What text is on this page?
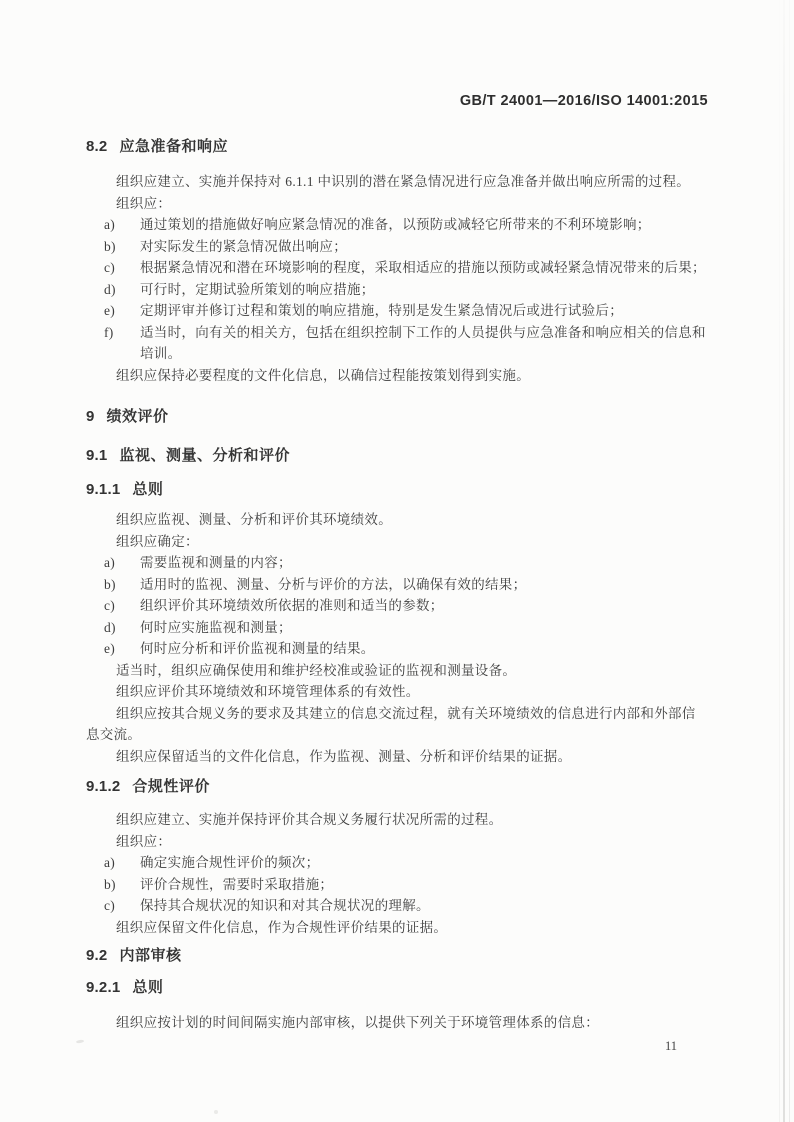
GB/T 24001—2016/ISO 14001:2015
8.2 应急准备和响应

组织应建立、实施并保持对 6.1.1 中识别的潜在紧急情况进行应急准备并做出响应所需的过程。

组织应：

a) 通过策划的措施做好响应紧急情况的准备，以预防或减轻它所带来的不利环境影响；
b) 对实际发生的紧急情况做出响应；
c) 根据紧急情况和潜在环境影响的程度，采取相适应的措施以预防或减轻紧急情况带来的后果；
d) 可行时，定期试验所策划的响应措施；
e) 定期评审并修订过程和策划的响应措施，特别是发生紧急情况后或进行试验后；
f) 适当时，向有关的相关方，包括在组织控制下工作的人员提供与应急准备和响应相关的信息和培训。

组织应保持必要程度的文件化信息，以确信过程能按策划得到实施。

9 绩效评价
9.1 监视、测量、分析和评价
9.1.1 总则

组织应监视、测量、分析和评价其环境绩效。

组织应确定：

a) 需要监视和测量的内容；
b) 适用时的监视、测量、分析与评价的方法，以确保有效的结果；
c) 组织评价其环境绩效所依据的准则和适当的参数；
d) 何时应实施监视和测量；
e) 何时应分析和评价监视和测量的结果。

适当时，组织应确保使用和维护经校准或验证的监视和测量设备。

组织应评价其环境绩效和环境管理体系的有效性。

组织应按其合规义务的要求及其建立的信息交流过程，就有关环境绩效的信息进行内部和外部信息交流。

组织应保留适当的文件化信息，作为监视、测量、分析和评价结果的证据。

9.1.2 合规性评价

组织应建立、实施并保持评价其合规义务履行状况所需的过程。

组织应：

a) 确定实施合规性评价的频次；
b) 评价合规性，需要时采取措施；
c) 保持其合规状况的知识和对其合规状况的理解。

组织应保留文件化信息，作为合规性评价结果的证据。

9.2 内部审核
9.2.1 总则

组织应按计划的时间间隔实施内部审核，以提供下列关于环境管理体系的信息：

11
